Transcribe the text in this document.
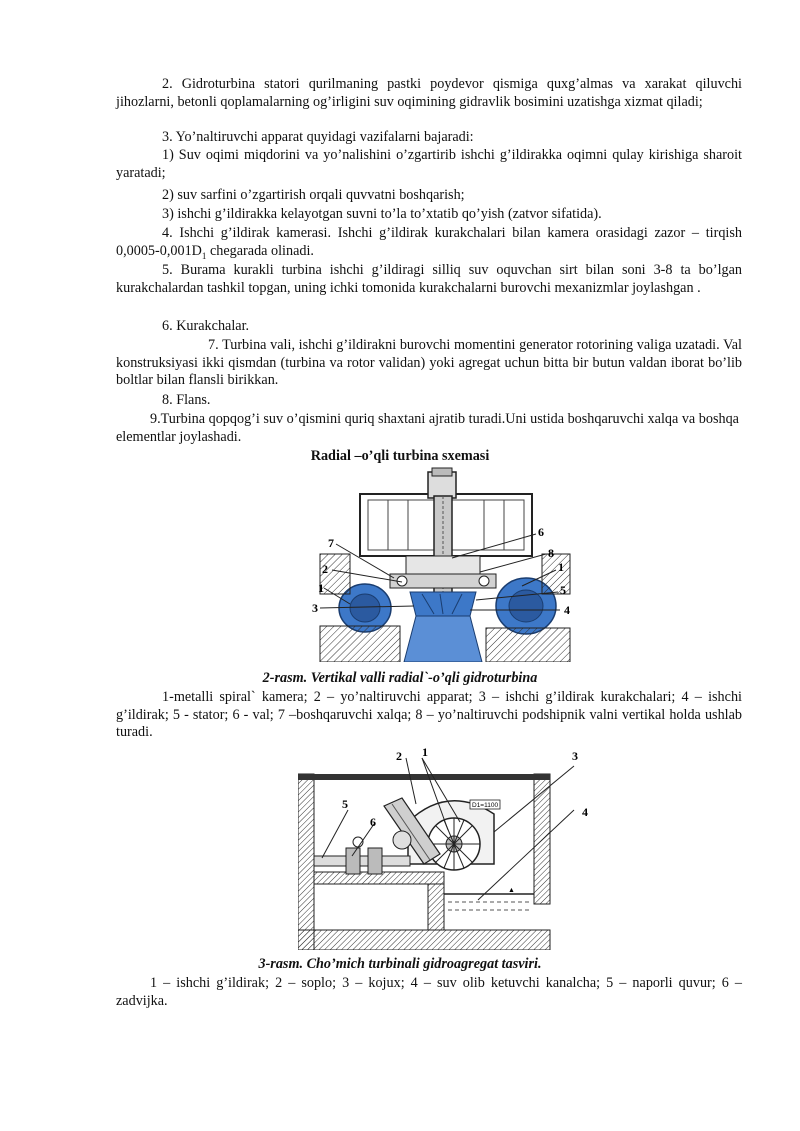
2. Gidroturbina statori qurilmaning pastki poydevor qismiga quxg’almas va xarakat qiluvchi jihozlarni, betonli qoplamalarning og’irligini suv oqimining gidravlik bosimini uzatishga xizmat qiladi;

3. Yo’naltiruvchi apparat quyidagi vazifalarni bajaradi:

1) Suv oqimi miqdorini va yo’nalishini o’zgartirib ishchi g’ildirakka oqimni qulay kirishiga sharoit yaratadi;

2) suv sarfini o’zgartirish orqali quvvatni boshqarish;

3) ishchi g’ildirakka kelayotgan suvni to’la to’xtatib qo’yish (zatvor sifatida).

4. Ishchi g’ildirak kamerasi. Ishchi g’ildirak kurakchalari bilan kamera orasidagi zazor – tirqish $0,0005-0,001D_1$ chegarada olinadi.

5. Burama kurakli turbina ishchi g’ildiragi silliq suv oquvchan sirt bilan soni 3-8 ta bo’lgan kurakchalardan tashkil topgan, uning ichki tomonida kurakchalarni burovchi mexanizmlar joylashgan .

6. Kurakchalar.

7. Turbina vali, ishchi g’ildirakni burovchi momentini generator rotorining valiga uzatadi. Val konstruksiyasi ikki qismdan (turbina va rotor validan) yoki agregat uchun bitta bir butun valdan iborat bo’lib boltlar bilan flansli birikkan.

8. Flans.

9.Turbina qopqog’i suv o’qismini quriq shaxtani ajratib turadi.Uni ustida boshqaruvchi xalqa va boshqa elementlar joylashadi.

Radial –o’qli turbina sxemasi
7
2
1
3
6
8
1
5
4
2-rasm. Vertikal valli radial`-o’qli gidroturbina

1-metalli spiral` kamera; 2 – yo’naltiruvchi apparat; 3 – ishchi g’ildirak kurakchalari; 4 – ishchi g’ildirak; 5 - stator; 6 - val; 7 –boshqaruvchi xalqa; 8 – yo’naltiruvchi podshipnik valni vertikal holda ushlab turadi.

D1=1100
▲
2 1	3
4
5
6
3-rasm. Cho’mich turbinali gidroagregat tasviri.

1 – ishchi g’ildirak; 2 – soplo; 3 – kojux; 4 – suv olib ketuvchi kanalcha; 5 – naporli quvur; 6 – zadvijka.
